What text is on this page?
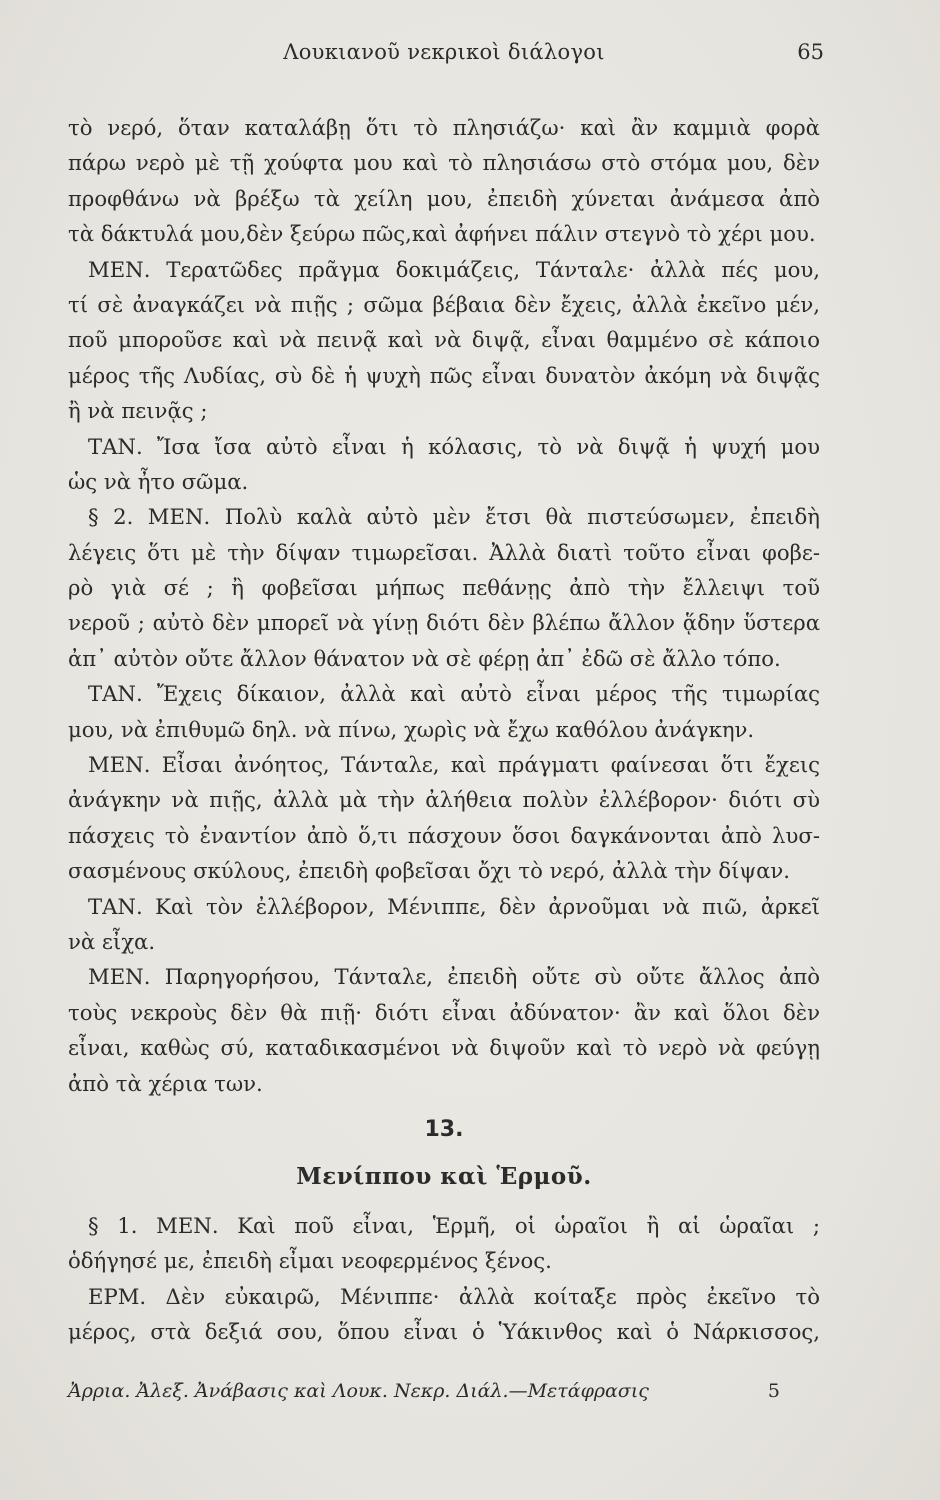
Λουκιανοῦ νεκρικοὶ διάλογοι	65
τὸ νερό, ὅταν καταλάβῃ ὅτι τὸ πλησιάζω· καὶ ἂν καμμιὰ φορὰ
πάρω νερὸ μὲ τῇ χούφτα μου καὶ τὸ πλησιάσω στὸ στόμα μου, δὲν
προφθάνω νὰ βρέξω τὰ χείλη μου, ἐπειδὴ χύνεται ἀνάμεσα ἀπὸ
τὰ δάκτυλά μου,δὲν ξεύρω πῶς,καὶ ἀφήνει πάλιν στεγνὸ τὸ χέρι μου.
ΜΕΝ. Τερατῶδες πρᾶγμα δοκιμάζεις, Τάνταλε· ἀλλὰ πές μου,
τί σὲ ἀναγκάζει νὰ πιῇς ; σῶμα βέβαια δὲν ἔχεις, ἀλλὰ ἐκεῖνο μέν,
ποῦ μποροῦσε καὶ νὰ πεινᾷ καὶ νὰ διψᾷ, εἶναι θαμμένο σὲ κάποιο
μέρος τῆς Λυδίας, σὺ δὲ ἡ ψυχὴ πῶς εἶναι δυνατὸν ἀκόμη νὰ διψᾷς
ἢ νὰ πεινᾷς ;
ΤΑΝ. Ἴσα ἴσα αὐτὸ εἶναι ἡ κόλασις, τὸ νὰ διψᾷ ἡ ψυχή μου
ὡς νὰ ἦτο σῶμα.
§ 2. ΜΕΝ. Πολὺ καλὰ αὐτὸ μὲν ἔτσι θὰ πιστεύσωμεν, ἐπειδὴ
λέγεις ὅτι μὲ τὴν δίψαν τιμωρεῖσαι. Ἀλλὰ διατὶ τοῦτο εἶναι φοβε-
ρὸ γιὰ σέ ; ἢ φοβεῖσαι μήπως πεθάνῃς ἀπὸ τὴν ἔλλειψι τοῦ
νεροῦ ; αὐτὸ δὲν μπορεῖ νὰ γίνῃ διότι δὲν βλέπω ἄλλον ᾅδην ὕστερα
ἀπ᾿ αὐτὸν οὔτε ἄλλον θάνατον νὰ σὲ φέρῃ ἀπ᾿ ἐδῶ σὲ ἄλλο τόπο.
ΤΑΝ. Ἔχεις δίκαιον, ἀλλὰ καὶ αὐτὸ εἶναι μέρος τῆς τιμωρίας
μου, νὰ ἐπιθυμῶ δηλ. νὰ πίνω, χωρὶς νὰ ἔχω καθόλου ἀνάγκην.
ΜΕΝ. Εἶσαι ἀνόητος, Τάνταλε, καὶ πράγματι φαίνεσαι ὅτι ἔχεις
ἀνάγκην νὰ πιῇς, ἀλλὰ μὰ τὴν ἀλήθεια πολὺν ἐλλέβορον· διότι σὺ
πάσχεις τὸ ἐναντίον ἀπὸ ὅ,τι πάσχουν ὅσοι δαγκάνονται ἀπὸ λυσ-
σασμένους σκύλους, ἐπειδὴ φοβεῖσαι ὄχι τὸ νερό, ἀλλὰ τὴν δίψαν.
ΤΑΝ. Καὶ τὸν ἐλλέβορον, Μένιππε, δὲν ἀρνοῦμαι νὰ πιῶ, ἀρκεῖ
νὰ εἶχα.
ΜΕΝ. Παρηγορήσου, Τάνταλε, ἐπειδὴ οὔτε σὺ οὔτε ἄλλος ἀπὸ
τοὺς νεκροὺς δὲν θὰ πιῇ· διότι εἶναι ἀδύνατον· ἂν καὶ ὅλοι δὲν
εἶναι, καθὼς σύ, καταδικασμένοι νὰ διψοῦν καὶ τὸ νερὸ νὰ φεύγῃ
ἀπὸ τὰ χέρια των.
13.
Μενίππου καὶ Ἑρμοῦ.
§ 1. ΜΕΝ. Καὶ ποῦ εἶναι, Ἑρμῆ, οἱ ὡραῖοι ἢ αἱ ὡραῖαι ;
ὁδήγησέ με, ἐπειδὴ εἶμαι νεοφερμένος ξένος.
ΕΡΜ. Δὲν εὐκαιρῶ, Μένιππε· ἀλλὰ κοίταξε πρὸς ἐκεῖνο τὸ
μέρος, στὰ δεξιά σου, ὅπου εἶναι ὁ Ὑάκινθος καὶ ὁ Νάρκισσος,
Ἀρρια. Ἀλεξ. Ἀνάβασις καὶ Λουκ. Νεκρ. Διάλ.—Μετάφρασις	5
